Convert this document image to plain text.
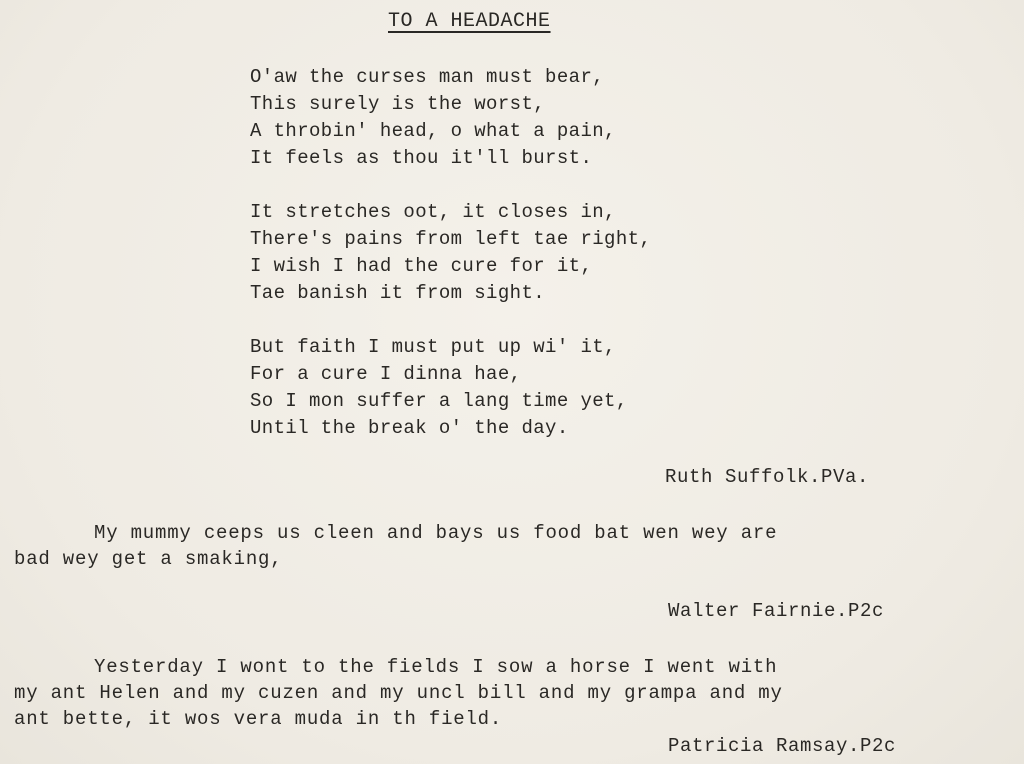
TO A HEADACHE
O'aw the curses man must bear,
This surely is the worst,
A throbin' head, o what a pain,
It feels as thou it'll burst.
It stretches oot, it closes in,
There's pains from left tae right,
I wish I had the cure for it,
Tae banish it from sight.
But faith I must put up wi' it,
For a cure I dinna hae,
So I mon suffer a lang time yet,
Until the break o' the day.
Ruth Suffolk.PVa.
My mummy ceeps us cleen and bays us food bat wen wey are
bad wey get a smaking,
Walter Fairnie.P2c
Yesterday I wont to the fields I sow a horse I went with
my ant Helen and my cuzen and my uncl bill and my grampa and my
ant bette, it wos vera muda in th field.
Patricia Ramsay.P2c
